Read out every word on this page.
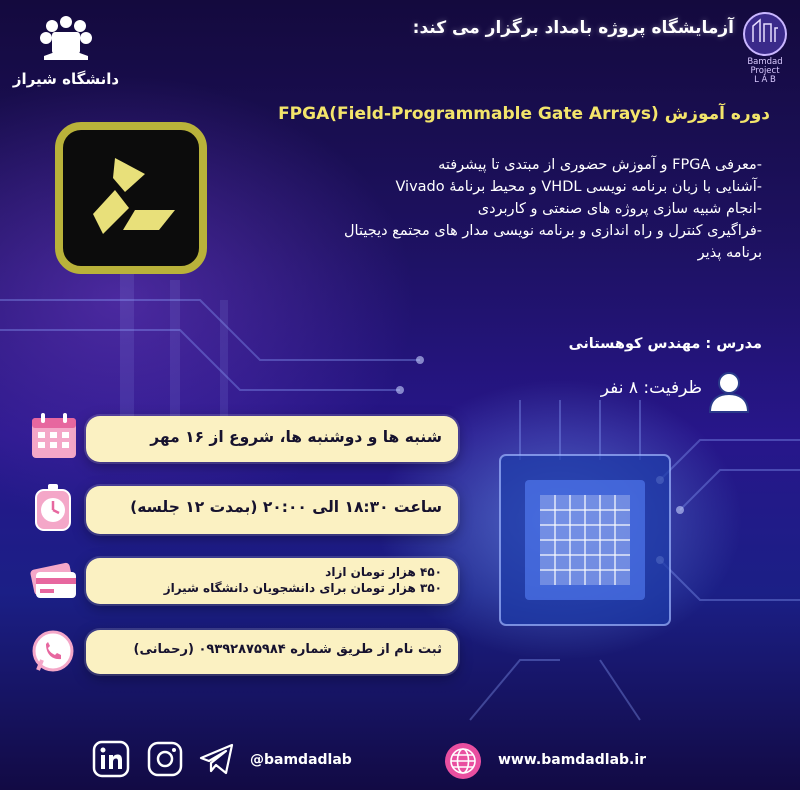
آزمایشگاه پروژه بامداد برگزار می کند:
Bamdad
Project
L A B
دانشگاه شیراز
دوره آموزش FPGA(Field-Programmable Gate Arrays)
-معرفی FPGA و آموزش حضوری از مبتدی تا پیشرفته
-آشنایی با زبان برنامه نویسی VHDL و محیط برنامهٔ Vivado
-انجام شبیه سازی پروژه های صنعتی و کاربردی
-فراگیری کنترل و راه اندازی و برنامه نویسی مدار های مجتمع دیجیتال
برنامه پذیر
مدرس : مهندس کوهستانی
ظرفیت: ۸ نفر
شنبه ها و دوشنبه ها، شروع از ۱۶ مهر
ساعت ۱۸:۳۰ الی ۲۰:۰۰ (بمدت ۱۲ جلسه)
۴۵۰ هزار تومان ازاد
۳۵۰ هزار تومان برای دانشجویان دانشگاه شیراز
ثبت نام از طریق شماره ۰۹۳۹۲۸۷۵۹۸۴ (رحمانی)
@bamdadlab	www.bamdadlab.ir
